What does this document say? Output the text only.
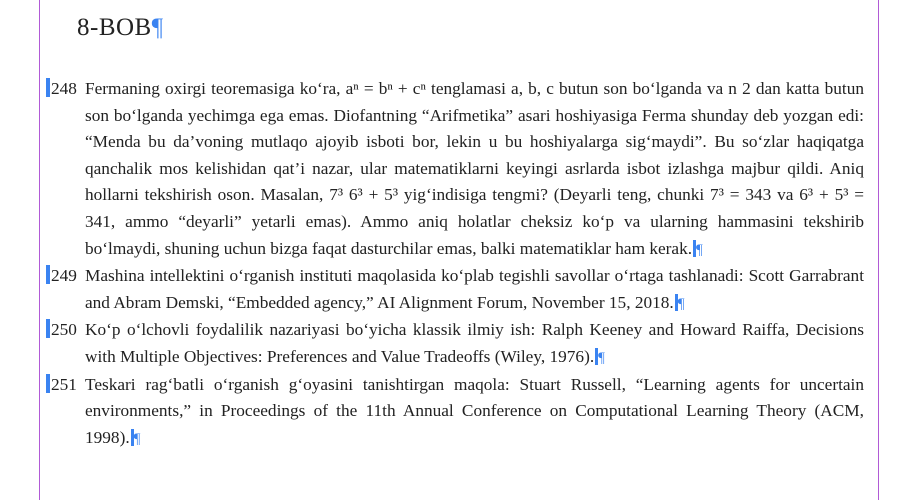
8-BOB¶

248 Fermaning oxirgi teoremasiga ko‘ra, aⁿ = bⁿ + cⁿ tenglamasi a, b, c butun son bo‘lganda va n 2 dan katta butun son bo‘lganda yechimga ega emas. Diofantning “Arifmetika” asari hoshiyasiga Ferma shunday deb yozgan edi: “Menda bu da’voning mutlaqo ajoyib isboti bor, lekin u bu hoshiyalarga sig‘maydi”. Bu so‘zlar haqiqatga qanchalik mos kelishidan qat’i nazar, ular matematiklarni keyingi asrlarda isbot izlashga majbur qildi. Aniq hollarni tekshirish oson. Masalan, 7³ 6³ + 5³ yig‘indisiga tengmi? (Deyarli teng, chunki 7³ = 343 va 6³ + 5³ = 341, ammo “deyarli” yetarli emas). Ammo aniq holatlar cheksiz ko‘p va ularning hammasini tekshirib bo‘lmaydi, shuning uchun bizga faqat dasturchilar emas, balki matematiklar ham kerak. ¶

249 Mashina intellektini o‘rganish instituti maqolasida ko‘plab tegishli savollar o‘rtaga tashlanadi: Scott Garrabrant and Abram Demski, “Embedded agency,” AI Alignment Forum, November 15, 2018. ¶

250 Ko‘p o‘lchovli foydalilik nazariyasi bo‘yicha klassik ilmiy ish: Ralph Keeney and Howard Raiffa, Decisions with Multiple Objectives: Preferences and Value Tradeoffs (Wiley, 1976). ¶

251 Teskari rag‘batli o‘rganish g‘oyasini tanishtirgan maqola: Stuart Russell, “Learning agents for uncertain environments,” in Proceedings of the 11th Annual Conference on Computational Learning Theory (ACM, 1998). ¶
